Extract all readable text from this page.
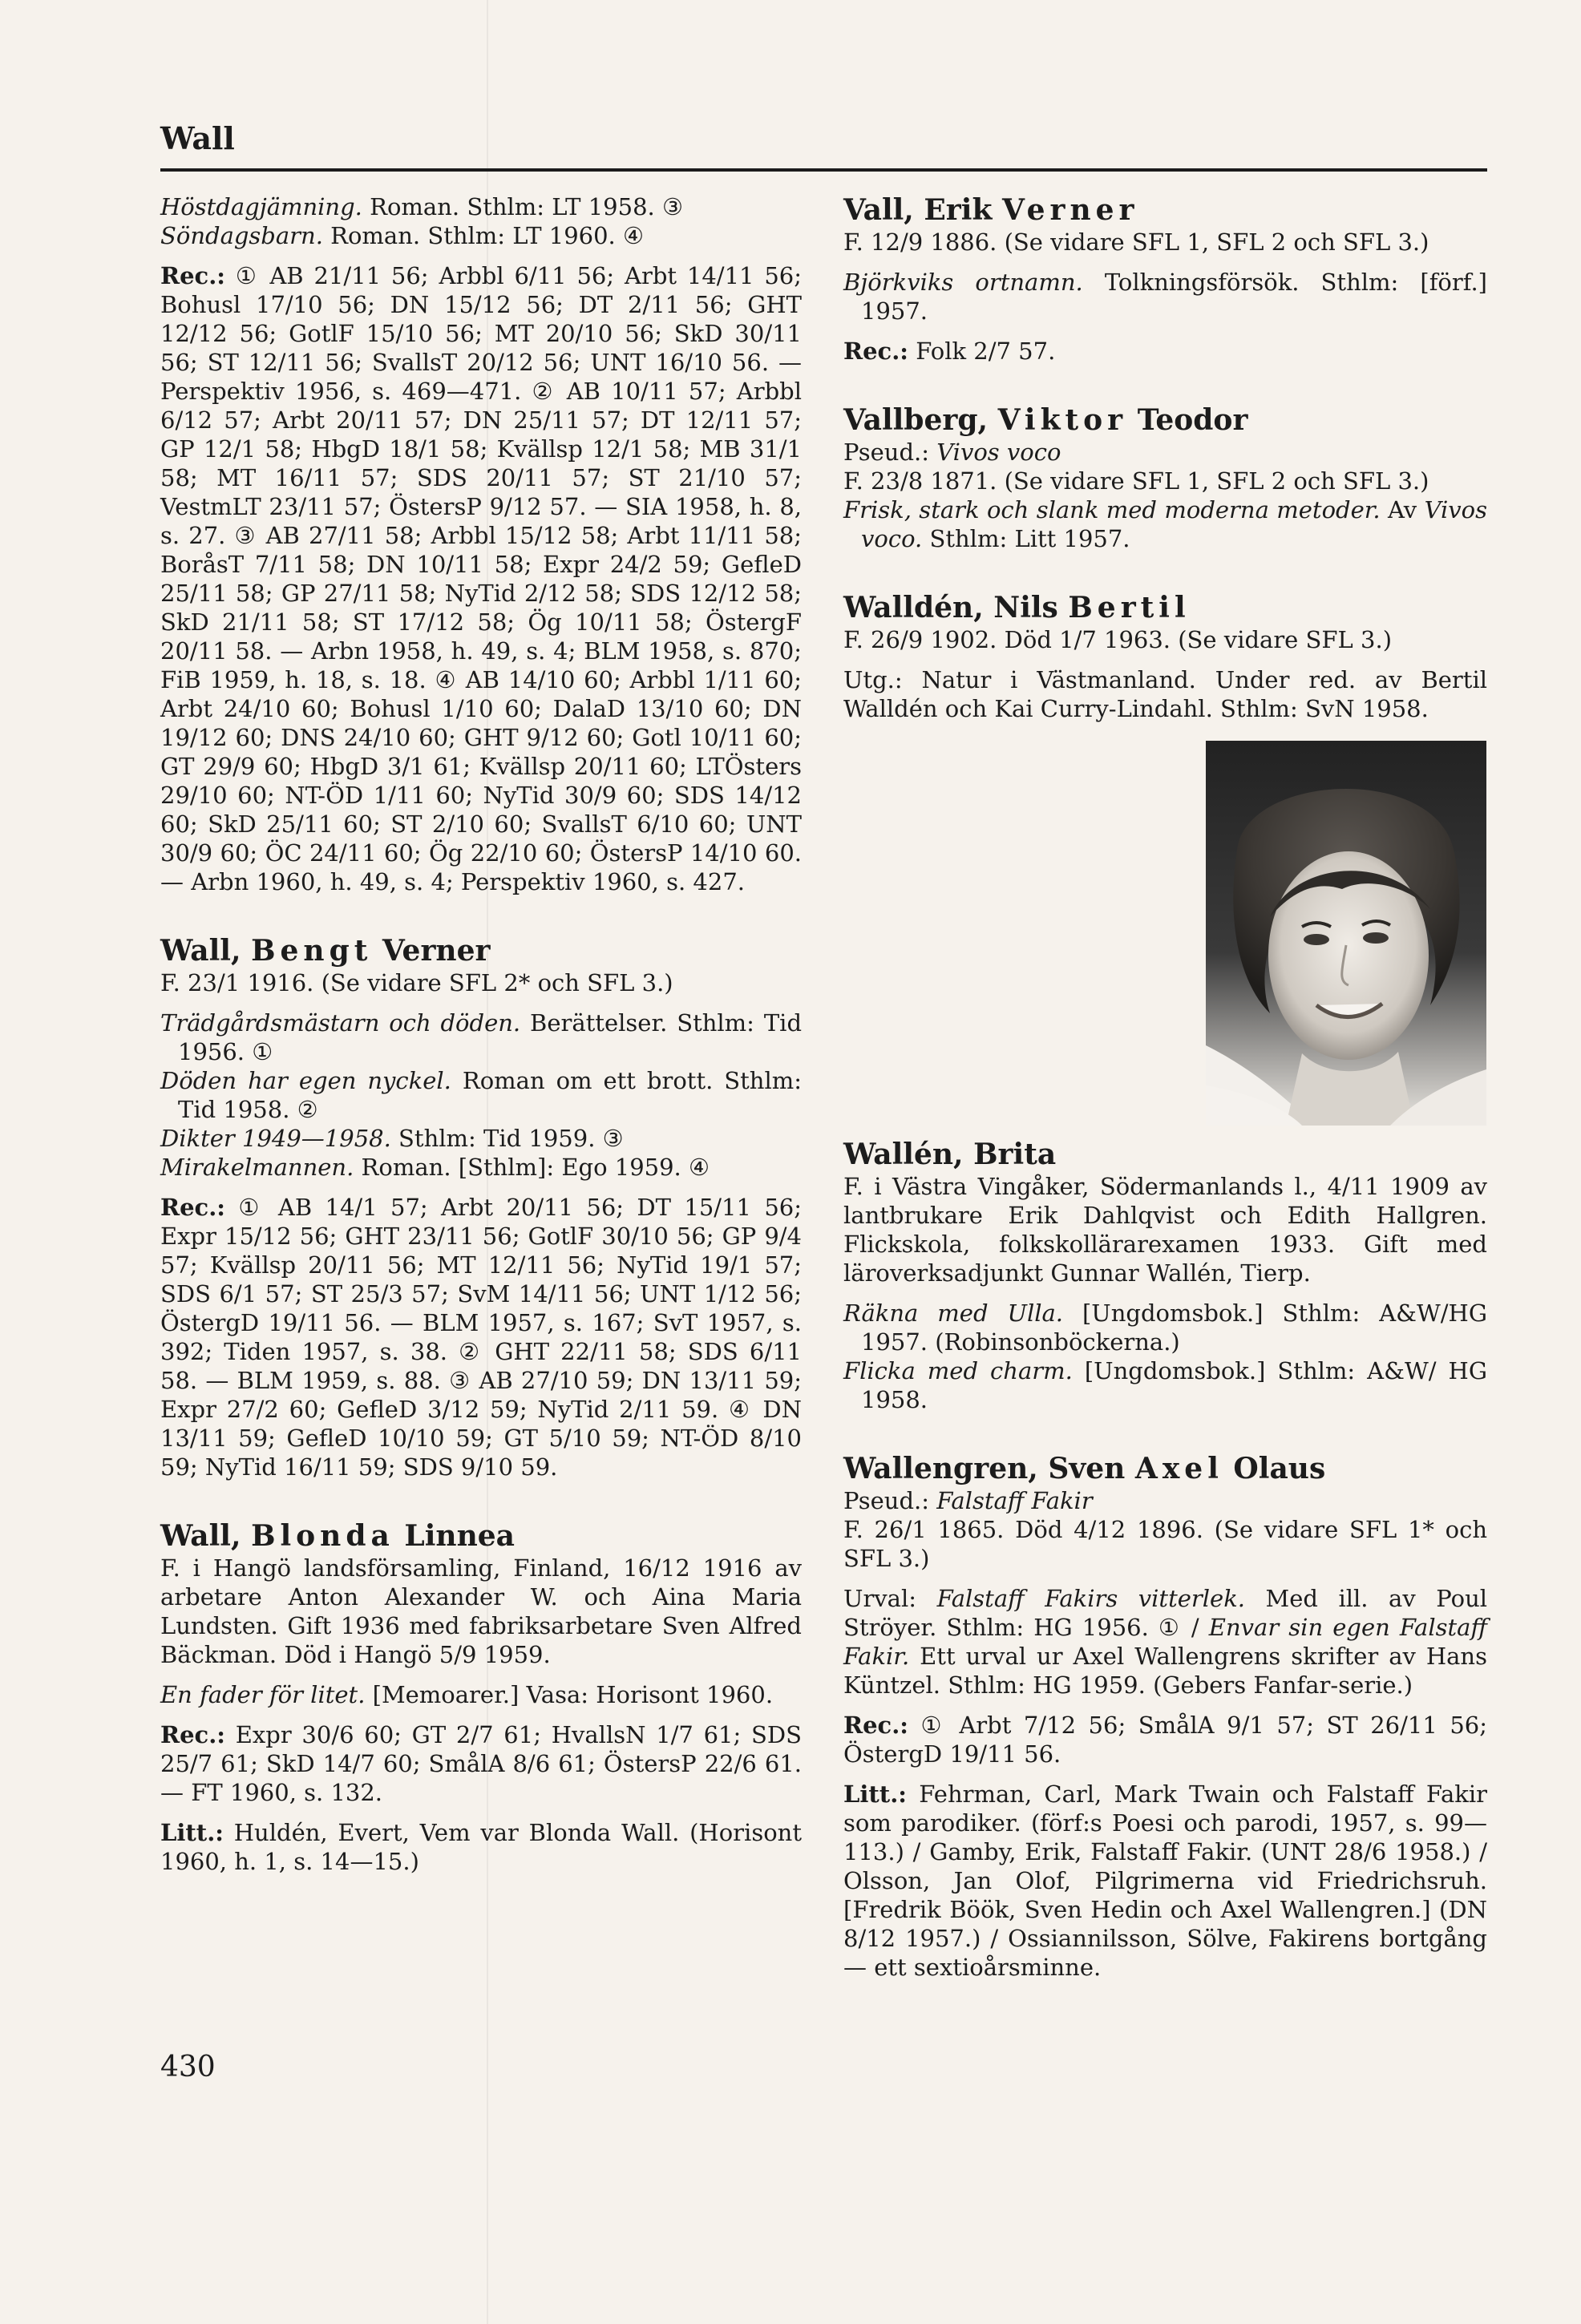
Wall

Höstdagjämning. Roman. Sthlm: LT 1958. ③

Söndagsbarn. Roman. Sthlm: LT 1960. ④

Rec.: ① AB 21/11 56; Arbbl 6/11 56; Arbt 14/11 56; Bohusl 17/10 56; DN 15/12 56; DT 2/11 56; GHT 12/12 56; GotlF 15/10 56; MT 20/10 56; SkD 30/11 56; ST 12/11 56; SvallsT 20/12 56; UNT 16/10 56. — Perspektiv 1956, s. 469—471. ② AB 10/11 57; Arbbl 6/12 57; Arbt 20/11 57; DN 25/11 57; DT 12/11 57; GP 12/1 58; HbgD 18/1 58; Kvällsp 12/1 58; MB 31/1 58; MT 16/11 57; SDS 20/11 57; ST 21/10 57; VestmLT 23/11 57; ÖstersP 9/12 57. — SIA 1958, h. 8, s. 27. ③ AB 27/11 58; Arbbl 15/12 58; Arbt 11/11 58; BoråsT 7/11 58; DN 10/11 58; Expr 24/2 59; GefleD 25/11 58; GP 27/11 58; NyTid 2/12 58; SDS 12/12 58; SkD 21/11 58; ST 17/12 58; Ög 10/11 58; ÖstergF 20/11 58. — Arbn 1958, h. 49, s. 4; BLM 1958, s. 870; FiB 1959, h. 18, s. 18. ④ AB 14/10 60; Arbbl 1/11 60; Arbt 24/10 60; Bohusl 1/10 60; DalaD 13/10 60; DN 19/12 60; DNS 24/10 60; GHT 9/12 60; Gotl 10/11 60; GT 29/9 60; HbgD 3/1 61; Kvällsp 20/11 60; LTÖsters 29/10 60; NT-ÖD 1/11 60; NyTid 30/9 60; SDS 14/12 60; SkD 25/11 60; ST 2/10 60; SvallsT 6/10 60; UNT 30/9 60; ÖC 24/11 60; Ög 22/10 60; ÖstersP 14/10 60. — Arbn 1960, h. 49, s. 4; Perspektiv 1960, s. 427.

Wall, Bengt Verner

F. 23/1 1916. (Se vidare SFL 2* och SFL 3.)

Trädgårdsmästarn och döden. Berättelser. Sthlm: Tid 1956. ①

Döden har egen nyckel. Roman om ett brott. Sthlm: Tid 1958. ②

Dikter 1949—1958. Sthlm: Tid 1959. ③

Mirakelmannen. Roman. [Sthlm]: Ego 1959. ④

Rec.: ① AB 14/1 57; Arbt 20/11 56; DT 15/11 56; Expr 15/12 56; GHT 23/11 56; GotlF 30/10 56; GP 9/4 57; Kvällsp 20/11 56; MT 12/11 56; NyTid 19/1 57; SDS 6/1 57; ST 25/3 57; SvM 14/11 56; UNT 1/12 56; ÖstergD 19/11 56. — BLM 1957, s. 167; SvT 1957, s. 392; Tiden 1957, s. 38. ② GHT 22/11 58; SDS 6/11 58. — BLM 1959, s. 88. ③ AB 27/10 59; DN 13/11 59; Expr 27/2 60; GefleD 3/12 59; NyTid 2/11 59. ④ DN 13/11 59; GefleD 10/10 59; GT 5/10 59; NT-ÖD 8/10 59; NyTid 16/11 59; SDS 9/10 59.

Wall, Blonda Linnea

F. i Hangö landsförsamling, Finland, 16/12 1916 av arbetare Anton Alexander W. och Aina Maria Lundsten. Gift 1936 med fabriksarbetare Sven Alfred Bäckman. Död i Hangö 5/9 1959.

En fader för litet. [Memoarer.] Vasa: Horisont 1960.

Rec.: Expr 30/6 60; GT 2/7 61; HvallsN 1/7 61; SDS 25/7 61; SkD 14/7 60; SmålA 8/6 61; ÖstersP 22/6 61. — FT 1960, s. 132.

Litt.: Huldén, Evert, Vem var Blonda Wall. (Horisont 1960, h. 1, s. 14—15.)

Vall, Erik Verner

F. 12/9 1886. (Se vidare SFL 1, SFL 2 och SFL 3.)

Björkviks ortnamn. Tolkningsförsök. Sthlm: [förf.] 1957.

Rec.: Folk 2/7 57.

Vallberg, Viktor Teodor

Pseud.: Vivos voco

F. 23/8 1871. (Se vidare SFL 1, SFL 2 och SFL 3.)

Frisk, stark och slank med moderna metoder. Av Vivos voco. Sthlm: Litt 1957.

Walldén, Nils Bertil

F. 26/9 1902. Död 1/7 1963. (Se vidare SFL 3.)

Utg.: Natur i Västmanland. Under red. av Bertil Walldén och Kai Curry-Lindahl. Sthlm: SvN 1958.

Wallén, Brita

F. i Västra Vingåker, Södermanlands l., 4/11 1909 av lantbrukare Erik Dahlqvist och Edith Hallgren. Flickskola, folkskollärarexamen 1933. Gift med läroverksadjunkt Gunnar Wallén, Tierp.

Räkna med Ulla. [Ungdomsbok.] Sthlm: A&W/HG 1957. (Robinsonböckerna.)

Flicka med charm. [Ungdomsbok.] Sthlm: A&W/ HG 1958.

Wallengren, Sven Axel Olaus

Pseud.: Falstaff Fakir

F. 26/1 1865. Död 4/12 1896. (Se vidare SFL 1* och SFL 3.)

Urval: Falstaff Fakirs vitterlek. Med ill. av Poul Ströyer. Sthlm: HG 1956. ① / Envar sin egen Falstaff Fakir. Ett urval ur Axel Wallengrens skrifter av Hans Küntzel. Sthlm: HG 1959. (Gebers Fanfar-serie.)

Rec.: ① Arbt 7/12 56; SmålA 9/1 57; ST 26/11 56; ÖstergD 19/11 56.

Litt.: Fehrman, Carl, Mark Twain och Falstaff Fakir som parodiker. (förf:s Poesi och parodi, 1957, s. 99—113.) / Gamby, Erik, Falstaff Fakir. (UNT 28/6 1958.) / Olsson, Jan Olof, Pilgrimerna vid Friedrichsruh. [Fredrik Böök, Sven Hedin och Axel Wallengren.] (DN 8/12 1957.) / Ossiannilsson, Sölve, Fakirens bortgång — ett sextioårsminne.

430
